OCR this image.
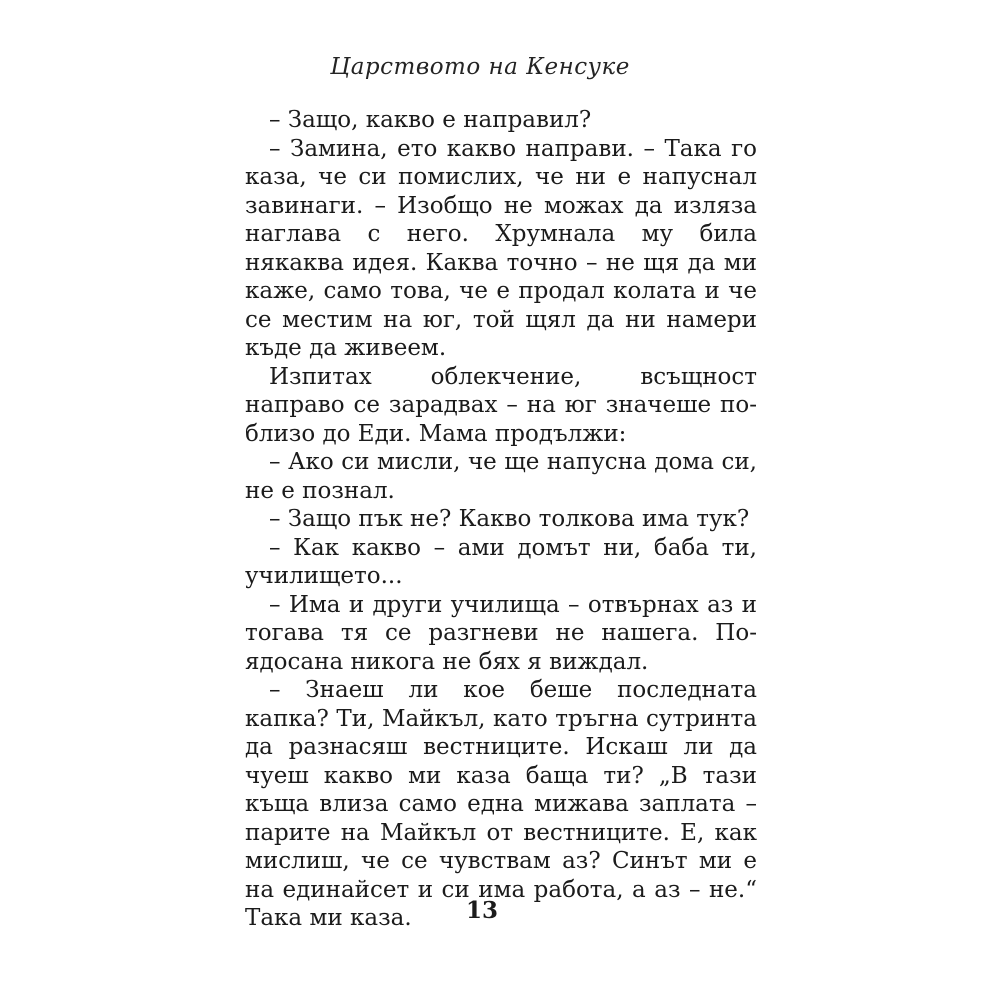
Царството на Кенсуке

– Защо, какво е направил?

– Замина, ето какво направи. – Така го каза, че си помислих, че ни е напуснал завинаги. – Изобщо не можах да изляза наглава с него. Хрумнала му била някаква идея. Каква точно – не щя да ми каже, само това, че е продал колата и че се местим на юг, той щял да ни намери къде да живеем.

Изпитах облекчение, всъщност направо се зарадвах – на юг значеше по-близо до Еди. Мама продължи:

– Ако си мисли, че ще напусна дома си, не е познал.

– Защо пък не? Какво толкова има тук?

– Как какво – ами домът ни, баба ти, училището...

– Има и други училища – отвърнах аз и тогава тя се разгневи не нашега. По-ядосана никога не бях я виждал.

– Знаеш ли кое беше последната капка? Ти, Майкъл, като тръгна сутринта да разнасяш вестниците. Искаш ли да чуеш какво ми каза баща ти? „В тази къща влиза само една мижава заплата – парите на Майкъл от вестниците. Е, как мислиш, че се чувствам аз? Синът ми е на единайсет и си има работа, а аз – не.“ Така ми каза.	13
